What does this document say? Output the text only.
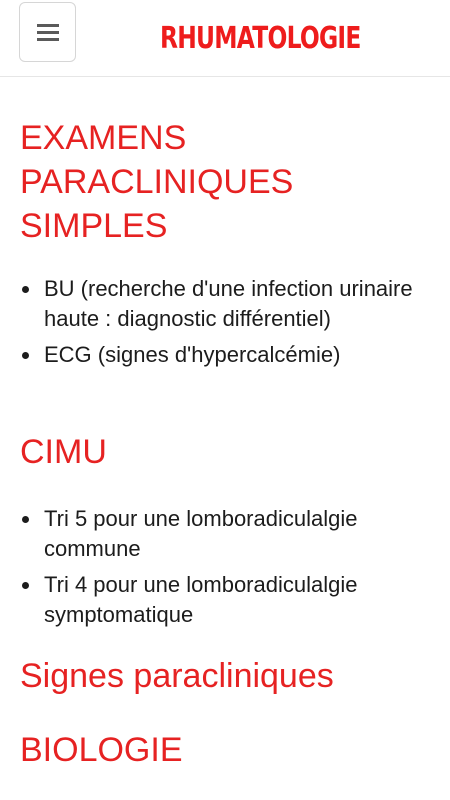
EXAMENS PARACLINIQUES SIMPLES
BU (recherche d'une infection urinaire haute : diagnostic différentiel)
ECG (signes d'hypercalcémie)
CIMU
Tri 5 pour une lomboradiculalgie commune
Tri 4 pour une lomboradiculalgie symptomatique
Signes paracliniques
BIOLOGIE
RHUMATOLOGIE
